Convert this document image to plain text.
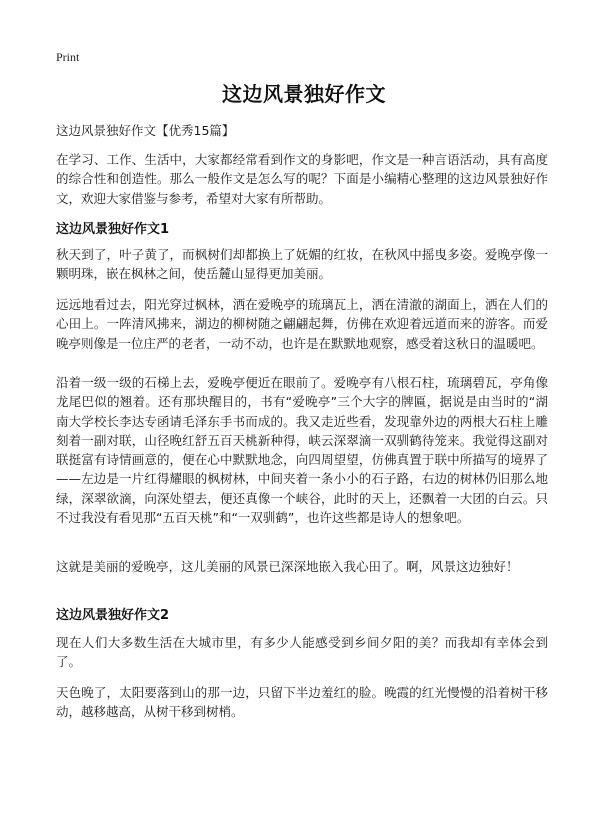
Print
这边风景独好作文
这边风景独好作文【优秀15篇】
在学习、工作、生活中，大家都经常看到作文的身影吧，作文是一种言语活动，具有高度的综合性和创造性。那么一般作文是怎么写的呢？下面是小编精心整理的这边风景独好作文，欢迎大家借鉴与参考，希望对大家有所帮助。
这边风景独好作文1
秋天到了，叶子黄了，而枫树们却都换上了妩媚的红妆，在秋风中摇曳多姿。爱晚亭像一颗明珠，嵌在枫林之间，使岳麓山显得更加美丽。
远远地看过去，阳光穿过枫林，洒在爱晚亭的琉璃瓦上，洒在清澈的湖面上，洒在人们的心田上。一阵清风拂来，湖边的柳树随之翩翩起舞，仿佛在欢迎着远道而来的游客。而爱晚亭则像是一位庄严的老者，一动不动，也许是在默默地观察，感受着这秋日的温暖吧。
沿着一级一级的石梯上去，爱晚亭便近在眼前了。爱晚亭有八根石柱，琉璃碧瓦，亭角像龙尾巴似的翘着。还有那块醒目的，书有“爱晚亭”三个大字的牌匾，据说是由当时的“湖南大学校长李达专函请毛泽东手书而成的。我又走近些看，发现靠外边的两根大石柱上雕刻着一副对联，山径晚红舒五百天桃新种得，峡云深翠滴一双驯鹤待笼来。我觉得这副对联挺富有诗情画意的，便在心中默默地念，向四周望望，仿佛真置于联中所描写的境界了——左边是一片红得耀眼的枫树林，中间夹着一条小小的石子路，右边的树林仍旧那么地绿，深翠欲滴，向深处望去，便还真像一个峡谷，此时的天上，还飘着一大团的白云。只不过我没有看见那“五百天桃”和“一双驯鹤”，也许这些都是诗人的想象吧。
这就是美丽的爱晚亭，这儿美丽的风景已深深地嵌入我心田了。啊，风景这边独好！
这边风景独好作文2
现在人们大多数生活在大城市里，有多少人能感受到乡间夕阳的美？而我却有幸体会到了。
天色晚了，太阳要落到山的那一边，只留下半边羞红的脸。晚霞的红光慢慢的沿着树干移动，越移越高，从树干移到树梢。
